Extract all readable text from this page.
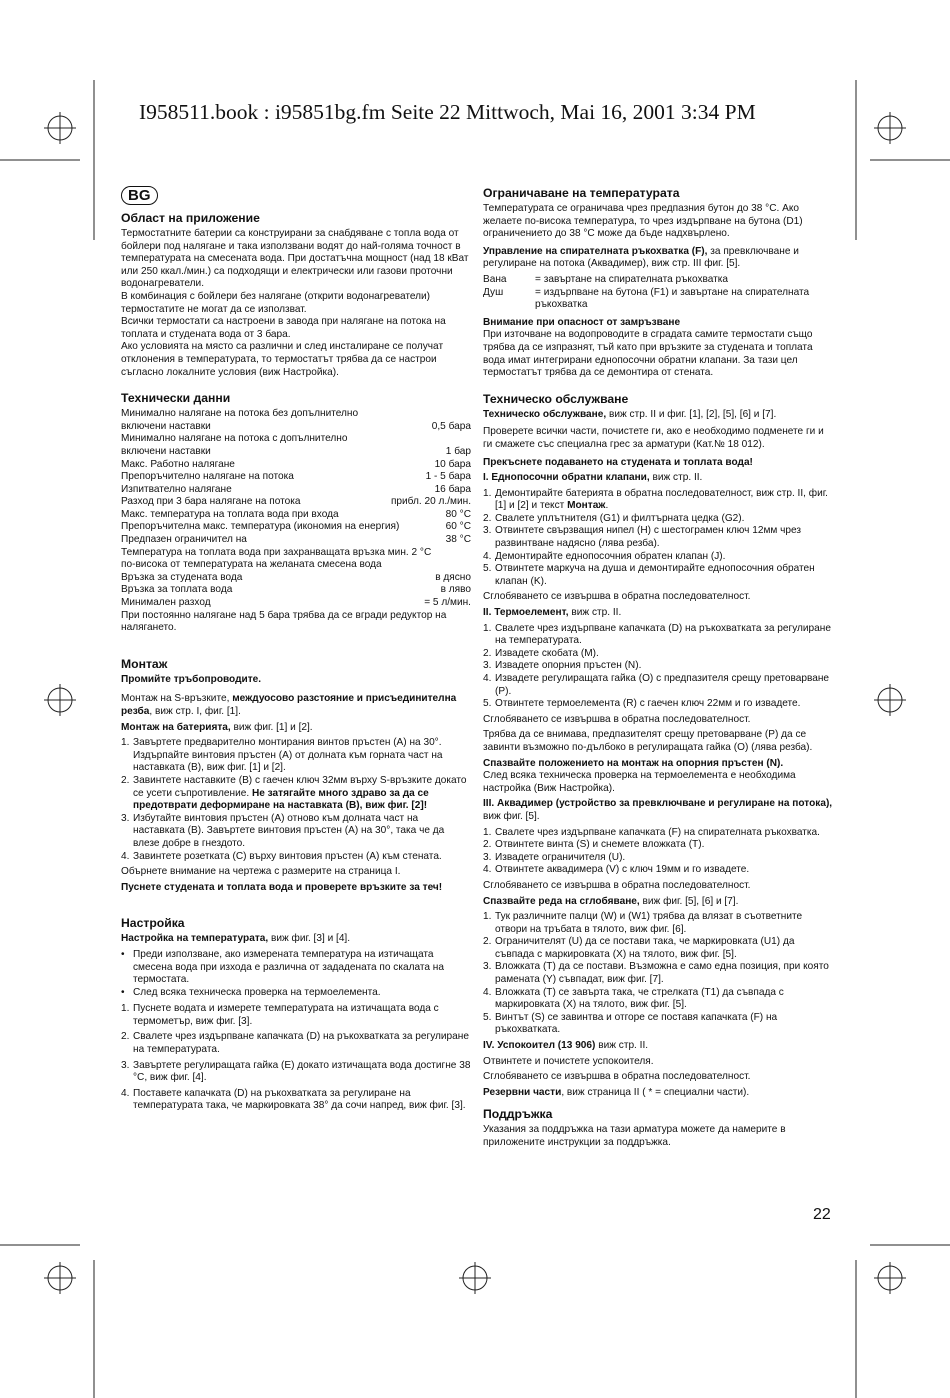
I958511.book : i95851bg.fm Seite 22 Mittwoch, Mai 16, 2001 3:34 PM
BG
Област на приложение

Термостатните батерии са конструирани за снабдяване с топла вода от бойлери под налягане и така използвани водят до най-голяма точност в температурата на смесената вода. При достатъчна мощност (над 18 кВат или 250 ккал./мин.) са подходящи и електрически или газови проточни водонагреватели.
В комбинация с бойлери без налягане (открити водонагреватели) термостатите не могат да се използват.
Всички термостати са настроени в завода при налягане на потока на топлата и студената вода от 3 бара.
Ако условията на място са различни и след инсталиране се получат отклонения в температурата, то термостатът трябва да се настрои съгласно локалните условия (виж Настройка).

Технически данни
Минимално налягане на потока без допълнително
включени наставки	0,5 бара
Минимално налягане на потока с допълнително
включени наставки	1 бар
Макс. Работно налягане	10 бара
Препоръчително налягане на потока	1 - 5 бара
Изпитвателно налягане	16 бара
Разход при 3 бара налягане на потока	прибл. 20 л./мин.
Макс. температура на топлата вода при входа	80 °C
Препоръчителна макс. температура (икономия на енергия)	60 °C
Предпазен ограничител на	38 °C
Температура на топлата вода при захранващата връзка мин. 2 °C
по-висока от температурата на желаната смесена вода
Връзка за студената вода	в дясно
Връзка за топлата вода	в ляво
Минимален разход	= 5 л/мин.

При постоянно налягане над 5 бара трябва да се вгради редуктор на налягането.

Монтаж

Промийте тръбопроводите.

Монтаж на S-връзките, междуосово разстояние и присъединителна резба, виж стр. I, фиг. [1].

Монтаж на батерията, виж фиг. [1] и [2].

1. Завъртете предварително монтирания винтов пръстен (A) на 30°. Издърпайте винтовия пръстен (A) от долната към горната част на наставката (B), виж фиг. [1] и [2].
2. Завинтете наставките (B) с гаечен ключ 32мм върху S-връзките докато се усети съпротивление. Не затягайте много здраво за да се предотврати деформиране на наставката (B), виж фиг. [2]!
3. Избутайте винтовия пръстен (A) отново към долната част на наставката (B). Завъртете винтовия пръстен (A) на 30°, така че да влезе добре в гнездото.
4. Завинтете розетката (C) върху винтовия пръстен (A) към стената.

Обърнете внимание на чертежа с размерите на страница I.

Пуснете студената и топлата вода и проверете връзките за теч!

Настройка

Настройка на температурата, виж фиг. [3] и [4].

• Преди използване, ако измерената температура на изтичащата смесена вода при изхода е различна от зададената по скалата на термостата.
• След всяка техническа проверка на термоелемента.
1. Пуснете водата и измерете температурата на изтичащата вода с термометър, виж фиг. [3].
2. Свалете чрез издърпване капачката (D) на ръкохватката за регулиране на температурата.
3. Завъртете регулиращата гайка (E) докато изтичащата вода достигне 38 °C, виж фиг. [4].
4. Поставете капачката (D) на ръкохватката за регулиране на температурата така, че маркировката 38° да сочи напред, виж фиг. [3].
Ограничаване на температурата

Температурата се ограничава чрез предпазния бутон до 38 °C. Ако желаете по-висока температура, то чрез издърпване на бутона (D1) ограничението до 38 °C може да бъде надхвърлено.

Управление на спирателната ръкохватка (F), за превключване и регулиране на потока (Аквадимер), виж стр. III фиг. [5].

Вана	= завъртане на спирателната ръкохватка
Душ	= издърпване на бутона (F1) и завъртане на спирателната ръкохватка

Внимание при опасност от замръзване

При източване на водопроводите в сградата самите термостати също трябва да се изпразнят, тъй като при връзките за студената и топлата вода имат интегрирани еднопосочни обратни клапани. За тази цел термостатът трябва да се демонтира от стената.

Техническо обслужване

Техническо обслужване, виж стр. II и фиг. [1], [2], [5], [6] и [7].

Проверете всички части, почистете ги, ако е необходимо подменете ги и ги смажете със специална грес за арматури (Кат.№ 18 012).

Прекъснете подаването на студената и топлата вода!

I. Еднопосочни обратни клапани, виж стр. II.

1. Демонтирайте батерията в обратна последователност, виж стр. II, фиг. [1] и [2] и текст Монтаж.
2. Свалете уплътнителя (G1) и филтърната цедка (G2).
3. Отвинтете свързващия нипел (H) с шестограмен ключ 12мм чрез развинтване надясно (лява резба).
4. Демонтирайте еднопосочния обратен клапан (J).
5. Отвинтете маркуча на душа и демонтирайте еднопосочния обратен клапан (K).

Сглобяването се извършва в обратна последователност.

II. Термоелемент, виж стр. II.

1. Свалете чрез издърпване капачката (D) на ръкохватката за регулиране на температурата.
2. Извадете скобата (M).
3. Извадете опорния пръстен (N).
4. Извадете регулиращата гайка (O) с предпазителя срещу претоварване (P).
5. Отвинтете термоелемента (R) с гаечен ключ 22мм и го извадете.

Сглобяването се извършва в обратна последователност.

Трябва да се внимава, предпазителят срещу претоварване (P) да се завинти възможно по-дълбоко в регулиращата гайка (O) (лява резба).

Спазвайте положението на монтаж на опорния пръстен (N).

След всяка техническа проверка на термоелемента е необходима настройка (Виж Настройка).

III. Аквадимер (устройство за превключване и регулиране на потока), виж фиг. [5].

1. Свалете чрез издърпване капачката (F) на спирателната ръкохватка.
2. Отвинтете винта (S) и снемете вложката (T).
3. Извадете ограничителя (U).
4. Отвинтете аквадимера (V) с ключ 19мм и го извадете.

Сглобяването се извършва в обратна последователност.

Спазвайте реда на сглобяване, виж фиг. [5], [6] и [7].

1. Тук различните палци (W) и (W1) трябва да влязат в съответните отвори на тръбата в тялото, виж фиг. [6].
2. Ограничителят (U) да се постави така, че маркировката (U1) да съвпада с маркировката (X) на тялото, виж фиг. [5].
3. Вложката (T) да се постави. Възможна е само една позиция, при която рамената (Y) съвпадат, виж фиг. [7].
4. Вложката (T) се завърта така, че стрелката (T1) да съвпада с маркировката (X) на тялото, виж фиг. [5].
5. Винтът (S) се завинтва и отгоре се поставя капачката (F) на ръкохватката.

IV. Успокоител (13 906) виж стр. II.

Отвинтете и почистете успокоителя.

Сглобяването се извършва в обратна последователност.

Резервни части, виж страница II ( * = специални части).

Поддръжка

Указания за поддръжка на тази арматура можете да намерите в приложените инструкции за поддръжка.

22
